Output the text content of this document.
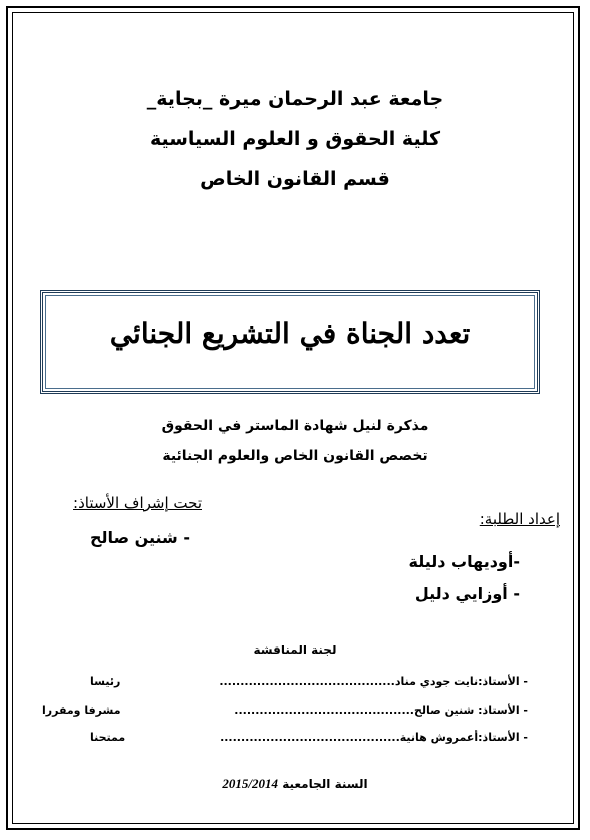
جامعة عبد الرحمان ميرة _بجاية_
كلية الحقوق و العلوم السياسية
قسم القانون الخاص
تعدد الجناة في التشريع الجنائي
مذكرة لنيل شهادة الماستر في الحقوق
تخصص القانون الخاص والعلوم الجنائية
تحت إشراف الأستاذ:
- شنين صالح
إعداد الطلبة:
-أوديهاب دليلة
- أوزايي دليل
لجنة المناقشة
- الأستاذ:نايت جودي مناد..........................................
رئيسا
- الأستاذ: شنين صالح...........................................
مشرفا ومقررا
- الأستاذ:أعمروش هانية...........................................
ممتحنا
السنة الجامعية 2015/2014
